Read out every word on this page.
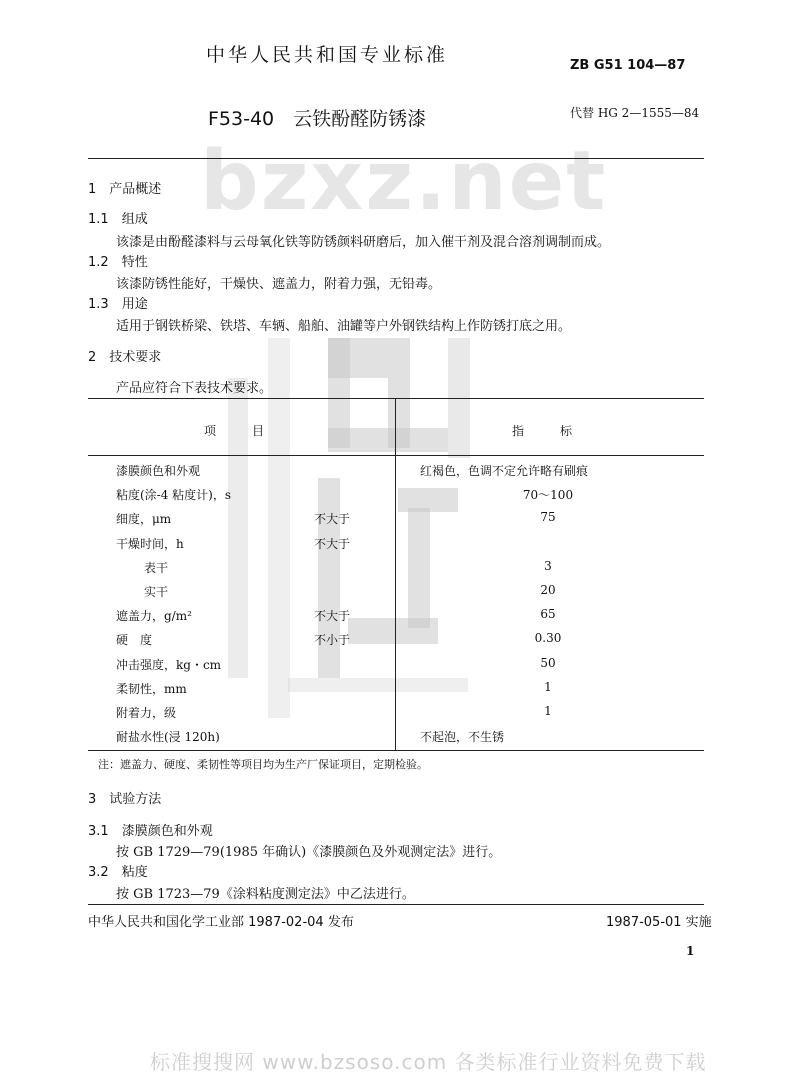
bzxz.net
中华人民共和国专业标准	ZB G51 104—87
F53-40　云铁酚醛防锈漆	代替 HG 2—1555—84
1　 产品概述
1.1　 组成
该漆是由酚醛漆料与云母氧化铁等防锈颜料研磨后，加入催干剂及混合溶剂调制而成。
1.2　 特性
该漆防锈性能好，干燥快、遮盖力，附着力强，无铅毒。
1.3　 用途
适用于钢铁桥梁、铁塔、车辆、船舶、油罐等户外钢铁结构上作防锈打底之用。
2　 技术要求
产品应符合下表技术要求。
项　　　目	指　　　标
漆膜颜色和外观	红褐色，色调不定允许略有刷痕
粘度(涂-4 粘度计)，s	70～100
细度，μm	不大于	75
干燥时间，h	不大于
表干	3
实干	20
遮盖力，g/m²	不大于	65
硬　度	不小于	0.30
冲击强度，kg・cm	50
柔韧性，mm	1
附着力，级	1
耐盐水性(浸 120h)	不起泡，不生锈
注：遮盖力、硬度、柔韧性等项目均为生产厂保证项目，定期检验。
3　 试验方法
3.1　 漆膜颜色和外观
按 GB 1729—79(1985 年确认)《漆膜颜色及外观测定法》进行。
3.2　 粘度
按 GB 1723—79《涂料粘度测定法》中乙法进行。
中华人民共和国化学工业部 1987-02-04 发布	1987-05-01 实施
1
标准搜搜网 www.bzsoso.com 各类标准行业资料免费下载
